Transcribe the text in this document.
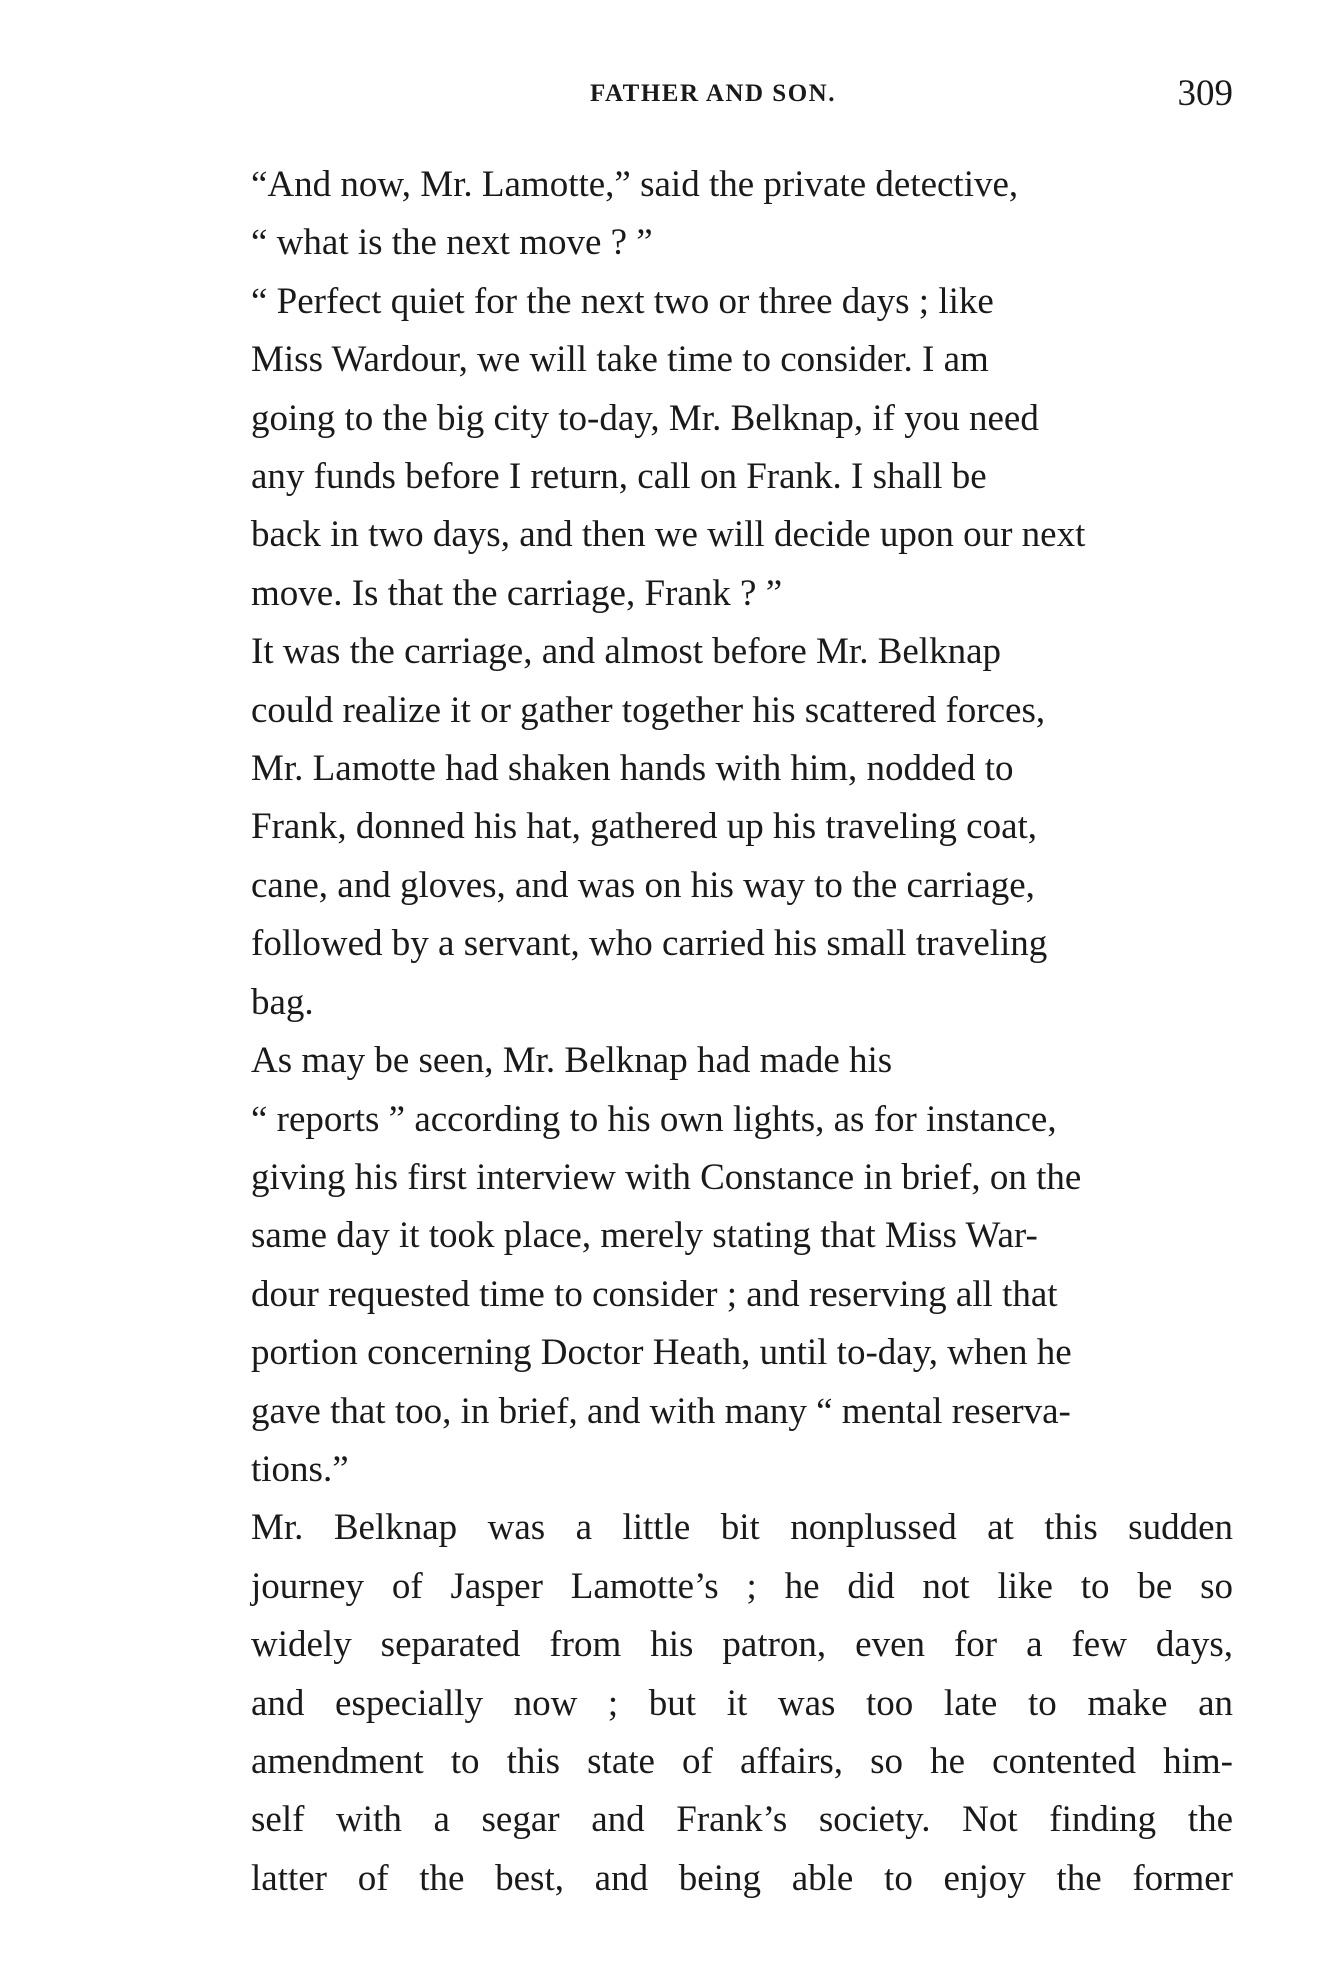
FATHER AND SON.	309

“And now, Mr. Lamotte,” said the private detective,
“ what is the next move ? ”

“ Perfect quiet for the next two or three days ; like
Miss Wardour, we will take time to consider. I am
going to the big city to-day, Mr. Belknap, if you need
any funds before I return, call on Frank. I shall be
back in two days, and then we will decide upon our next
move. Is that the carriage, Frank ? ”

It was the carriage, and almost before Mr. Belknap
could realize it or gather together his scattered forces,
Mr. Lamotte had shaken hands with him, nodded to
Frank, donned his hat, gathered up his traveling coat,
cane, and gloves, and was on his way to the carriage,
followed by a servant, who carried his small traveling
bag.

As may be seen, Mr. Belknap had made his
“ reports ” according to his own lights, as for instance,
giving his first interview with Constance in brief, on the
same day it took place, merely stating that Miss War-
dour requested time to consider ; and reserving all that
portion concerning Doctor Heath, until to-day, when he
gave that too, in brief, and with many “ mental reserva-
tions.”

Mr. Belknap was a little bit nonplussed at this sudden
journey of Jasper Lamotte’s ; he did not like to be so
widely separated from his patron, even for a few days,
and especially now ; but it was too late to make an
amendment to this state of affairs, so he contented him-
self with a segar and Frank’s society. Not finding the
latter of the best, and being able to enjoy the former
